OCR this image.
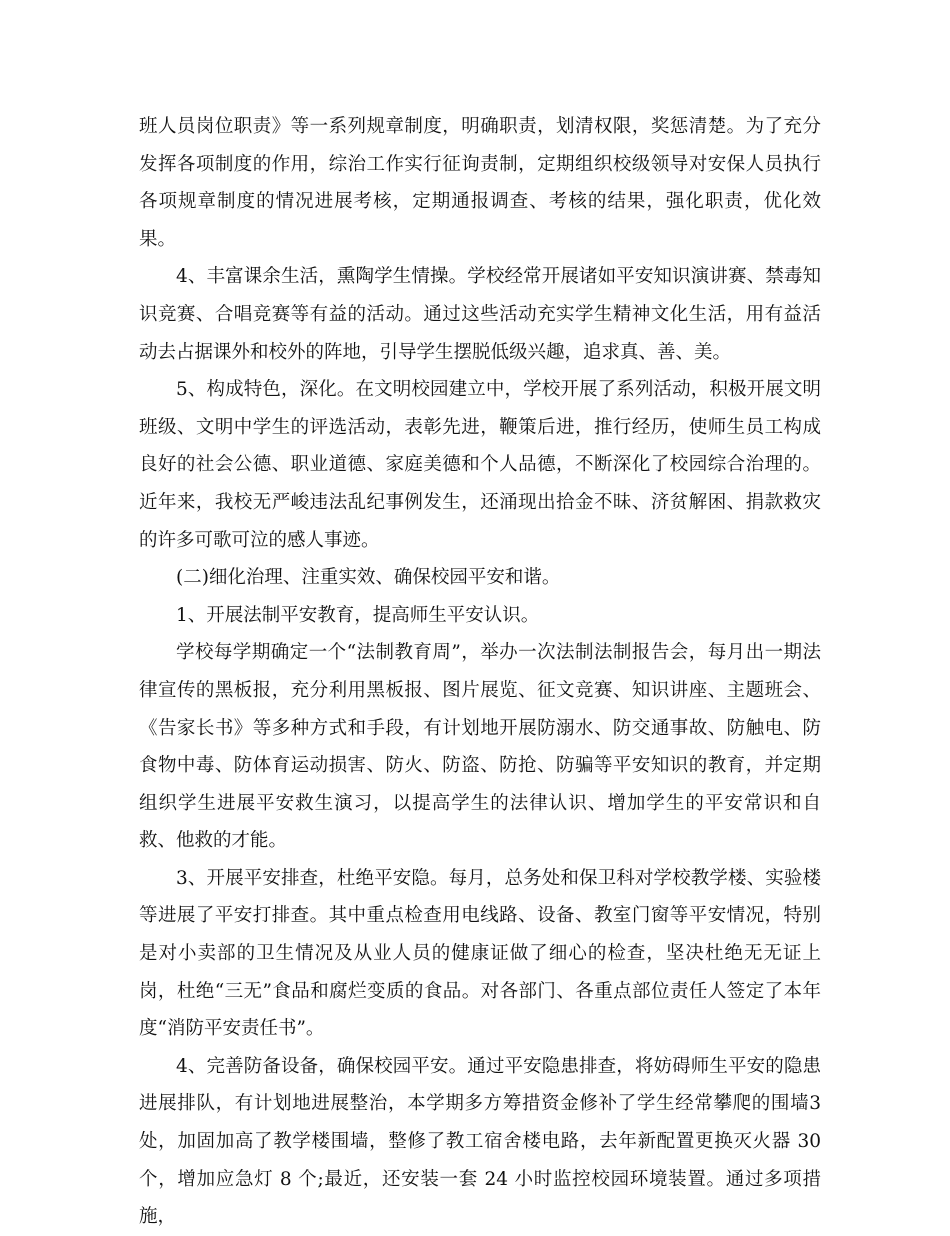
班人员岗位职责》等一系列规章制度，明确职责，划清权限，奖惩清楚。为了充分发挥各项制度的作用，综治工作实行征询责制，定期组织校级领导对安保人员执行各项规章制度的情况进展考核，定期通报调查、考核的结果，强化职责，优化效果。

4、丰富课余生活，熏陶学生情操。学校经常开展诸如平安知识演讲赛、禁毒知识竞赛、合唱竞赛等有益的活动。通过这些活动充实学生精神文化生活，用有益活动去占据课外和校外的阵地，引导学生摆脱低级兴趣，追求真、善、美。

5、构成特色，深化。在文明校园建立中，学校开展了系列活动，积极开展文明班级、文明中学生的评选活动，表彰先进，鞭策后进，推行经历，使师生员工构成良好的社会公德、职业道德、家庭美德和个人品德，不断深化了校园综合治理的。近年来，我校无严峻违法乱纪事例发生，还涌现出拾金不昧、济贫解困、捐款救灾的许多可歌可泣的感人事迹。

(二)细化治理、注重实效、确保校园平安和谐。

1、开展法制平安教育，提高师生平安认识。

学校每学期确定一个“法制教育周”，举办一次法制法制报告会，每月出一期法律宣传的黑板报，充分利用黑板报、图片展览、征文竞赛、知识讲座、主题班会、《告家长书》等多种方式和手段，有计划地开展防溺水、防交通事故、防触电、防食物中毒、防体育运动损害、防火、防盗、防抢、防骗等平安知识的教育，并定期组织学生进展平安救生演习，以提高学生的法律认识、增加学生的平安常识和自救、他救的才能。

3、开展平安排查，杜绝平安隐。每月，总务处和保卫科对学校教学楼、实验楼等进展了平安打排查。其中重点检查用电线路、设备、教室门窗等平安情况，特别是对小卖部的卫生情况及从业人员的健康证做了细心的检查，坚决杜绝无无证上岗，杜绝“三无”食品和腐烂变质的食品。对各部门、各重点部位责任人签定了本年度“消防平安责任书”。

4、完善防备设备，确保校园平安。通过平安隐患排查，将妨碍师生平安的隐患进展排队，有计划地进展整治，本学期多方筹措资金修补了学生经常攀爬的围墙3处，加固加高了教学楼围墙，整修了教工宿舍楼电路，去年新配置更换灭火器 30 个，增加应急灯 8 个;最近，还安装一套 24 小时监控校园环境装置。通过多项措施，
